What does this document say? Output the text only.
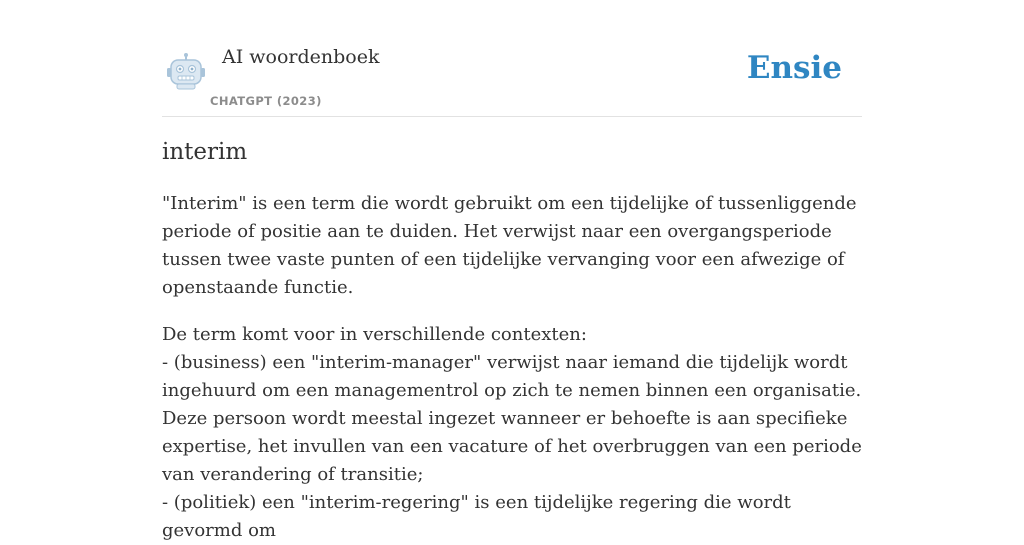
AI woordenboek
CHATGPT (2023)
Ensie
interim

"Interim" is een term die wordt gebruikt om een tijdelijke of tussenliggende periode of positie aan te duiden. Het verwijst naar een overgangsperiode tussen twee vaste punten of een tijdelijke vervanging voor een afwezige of openstaande functie.

De term komt voor in verschillende contexten:
- (business) een "interim-manager" verwijst naar iemand die tijdelijk wordt ingehuurd om een managementrol op zich te nemen binnen een organisatie. Deze persoon wordt meestal ingezet wanneer er behoefte is aan specifieke expertise, het invullen van een vacature of het overbruggen van een periode van verandering of transitie;
- (politiek) een "interim-regering" is een tijdelijke regering die wordt gevormd om
